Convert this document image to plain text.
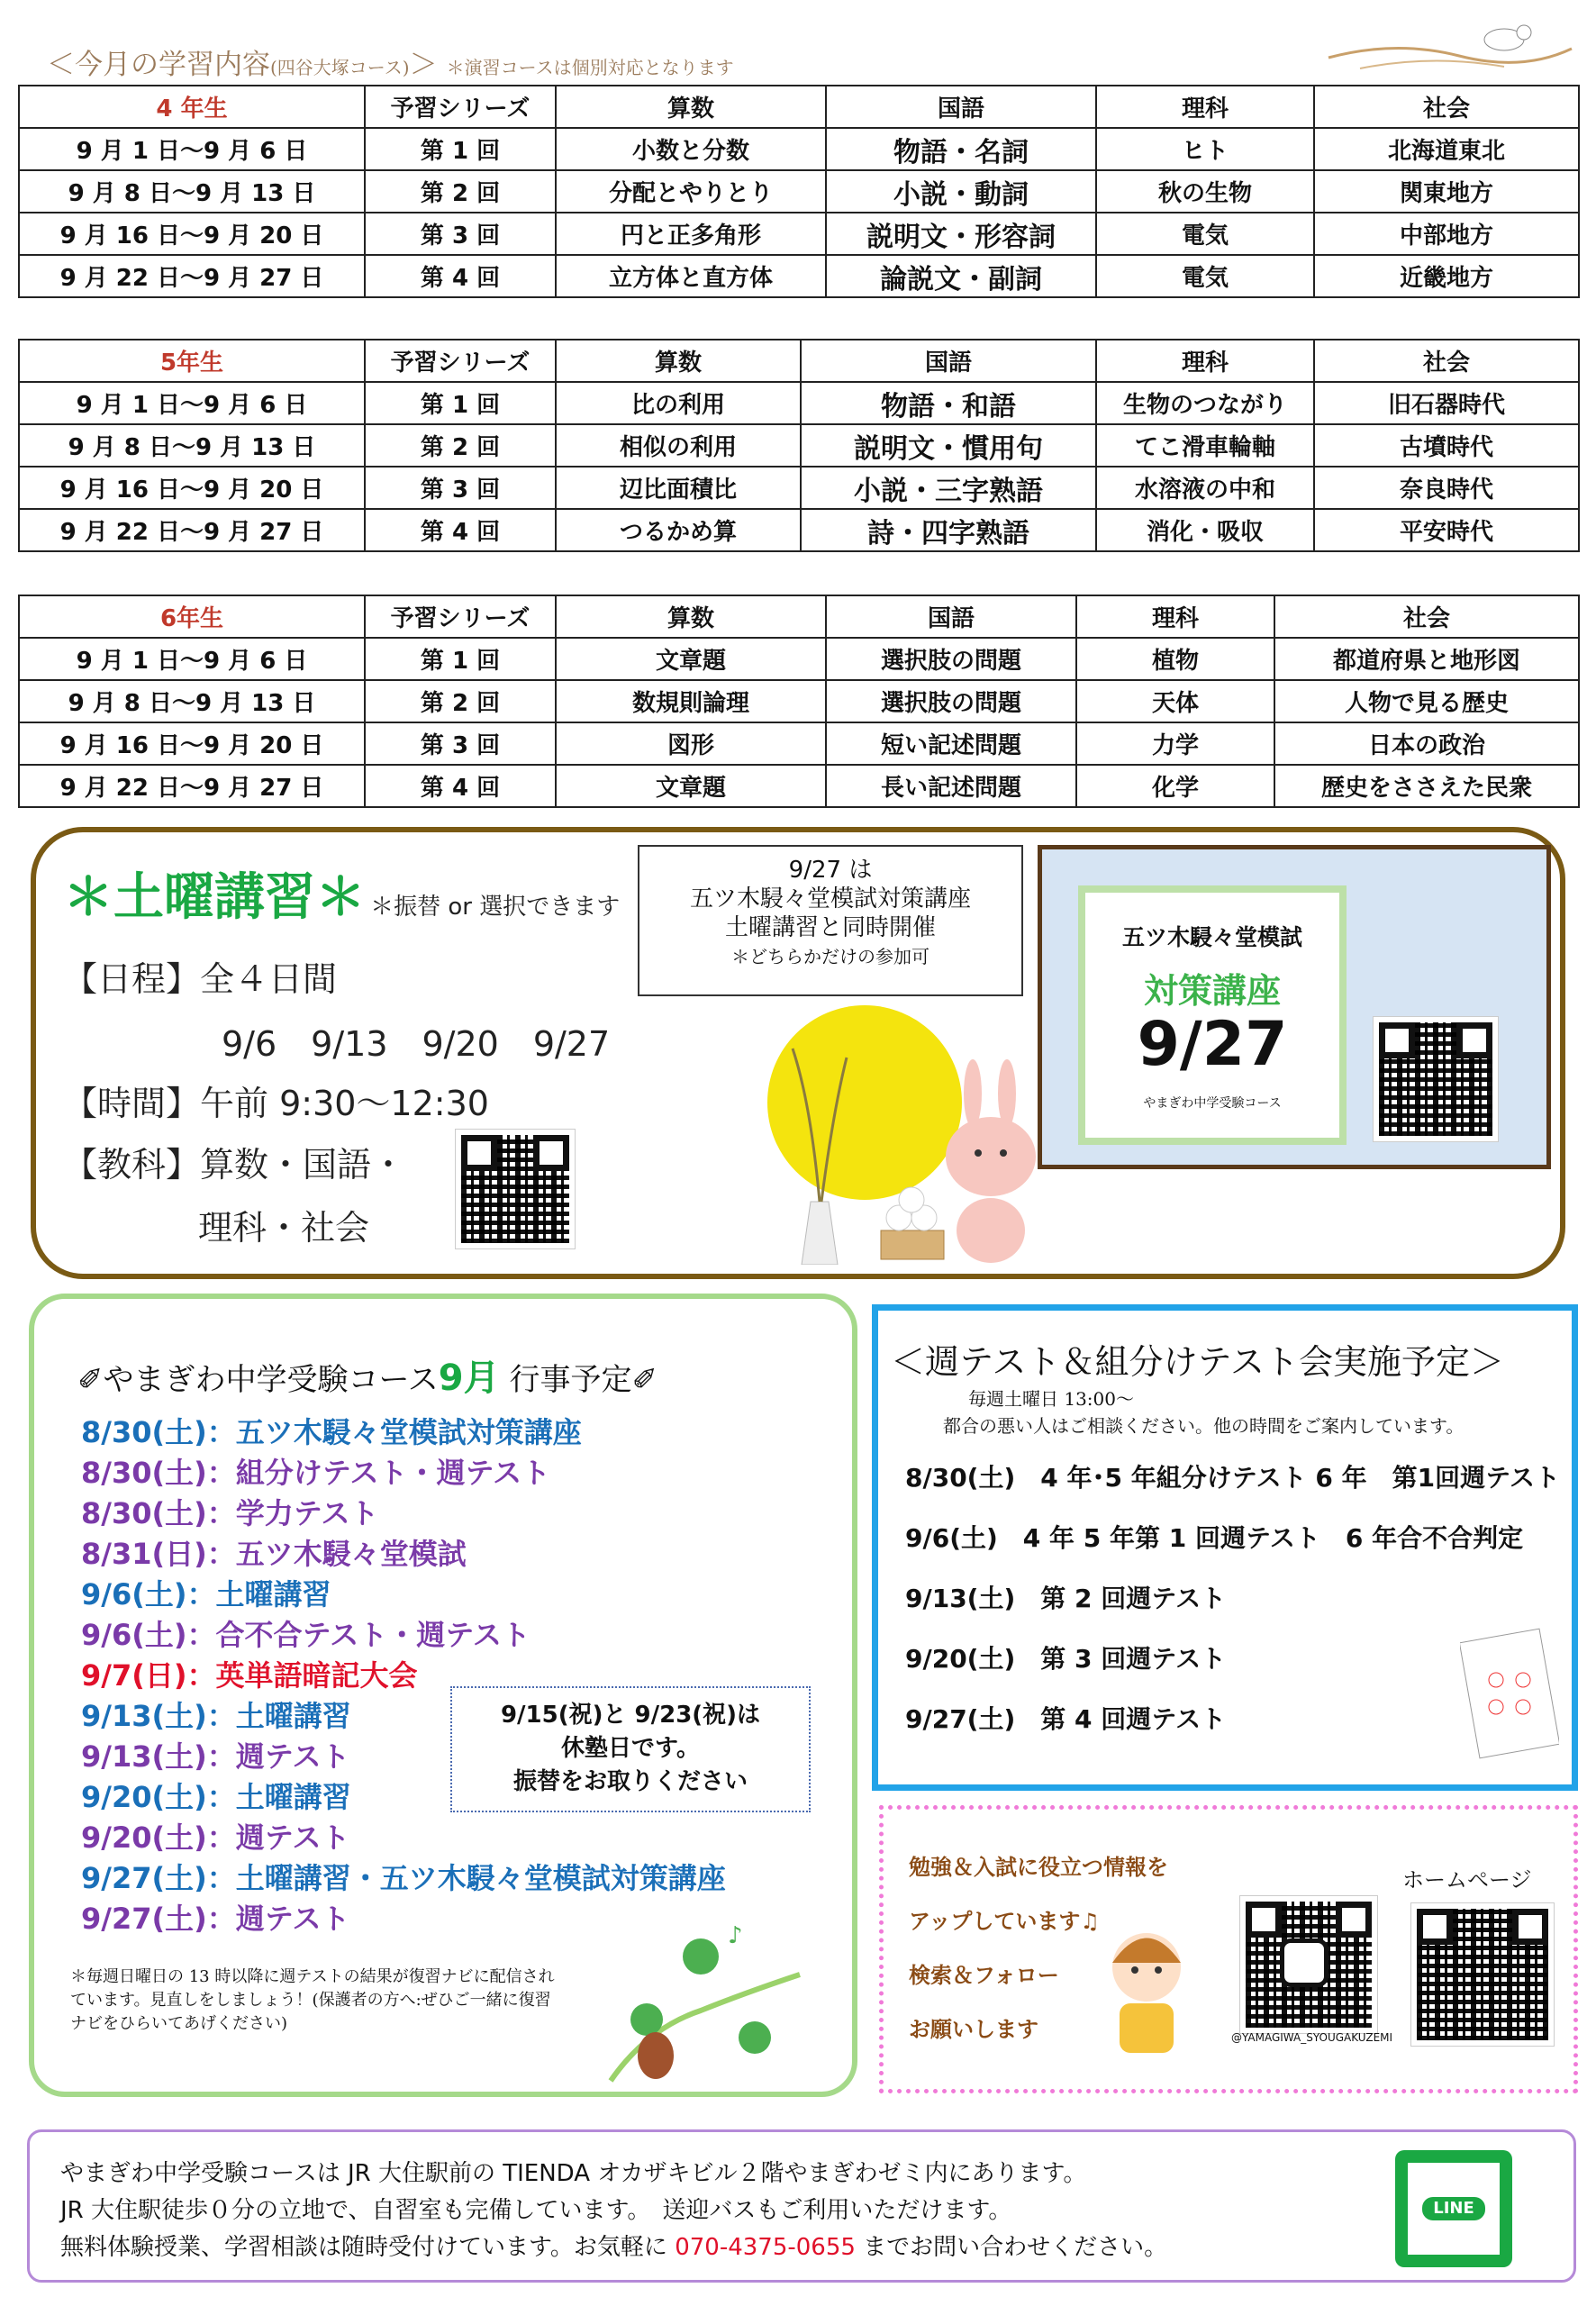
＜今月の学習内容(四谷大塚コース)＞ ＊演習コースは個別対応となります
4 年生	予習シリーズ	算数	国語	理科	社会
9 月 1 日～9 月 6 日	第 1 回	小数と分数	物語・名詞	ヒト	北海道東北
9 月 8 日～9 月 13 日	第 2 回	分配とやりとり	小説・動詞	秋の生物	関東地方
9 月 16 日～9 月 20 日	第 3 回	円と正多角形	説明文・形容詞	電気	中部地方
9 月 22 日～9 月 27 日	第 4 回	立方体と直方体	論説文・副詞	電気	近畿地方
5年生	予習シリーズ	算数	国語	理科	社会
9 月 1 日～9 月 6 日	第 1 回	比の利用	物語・和語	生物のつながり	旧石器時代
9 月 8 日～9 月 13 日	第 2 回	相似の利用	説明文・慣用句	てこ滑車輪軸	古墳時代
9 月 16 日～9 月 20 日	第 3 回	辺比面積比	小説・三字熟語	水溶液の中和	奈良時代
9 月 22 日～9 月 27 日	第 4 回	つるかめ算	詩・四字熟語	消化・吸収	平安時代
6年生	予習シリーズ	算数	国語	理科	社会
9 月 1 日～9 月 6 日	第 1 回	文章題	選択肢の問題	植物	都道府県と地形図
9 月 8 日～9 月 13 日	第 2 回	数規則論理	選択肢の問題	天体	人物で見る歴史
9 月 16 日～9 月 20 日	第 3 回	図形	短い記述問題	力学	日本の政治
9 月 22 日～9 月 27 日	第 4 回	文章題	長い記述問題	化学	歴史をささえた民衆
＊土曜講習＊ ＊振替 or 選択できます
【日程】全４日間
9/6　9/13　9/20　9/27
【時間】午前 9:30～12:30
【教科】算数・国語・
理科・社会
9/27 は
五ツ木駸々堂模試対策講座
土曜講習と同時開催
＊どちらかだけの参加可
五ツ木駸々堂模試
対策講座
9/27
やまぎわ中学受験コース
✐やまぎわ中学受験コース9月 行事予定✐
8/30(土)：五ツ木駸々堂模試対策講座
8/30(土)：組分けテスト・週テスト
8/30(土)：学力テスト
8/31(日)：五ツ木駸々堂模試
9/6(土)：土曜講習
9/6(土)：合不合テスト・週テスト
9/7(日)：英単語暗記大会
9/13(土)：土曜講習
9/13(土)：週テスト
9/20(土)：土曜講習
9/20(土)：週テスト
9/27(土)：土曜講習・五ツ木駸々堂模試対策講座
9/27(土)：週テスト
9/15(祝)と 9/23(祝)は
休塾日です。
振替をお取りください
＊毎週日曜日の 13 時以降に週テストの結果が復習ナビに配信されています。見直しをしましょう！(保護者の方へ:ぜひご一緒に復習ナビをひらいてあげください)
♪
＜週テスト＆組分けテスト会実施予定＞
毎週土曜日 13:00～
都合の悪い人はご相談ください。他の時間をご案内しています。
8/30(土)　4 年･5 年組分けテスト 6 年　第1回週テスト
9/6(土)　4 年 5 年第 1 回週テスト　6 年合不合判定
9/13(土)　第 2 回週テスト
9/20(土)　第 3 回週テスト
9/27(土)　第 4 回週テスト
勉強＆入試に役立つ情報を
アップしています♫
検索＆フォロー
お願いします	@YAMAGIWA_SYOUGAKUZEMI
ホームページ
やまぎわ中学受験コースは JR 大住駅前の TIENDA オカザキビル２階やまぎわゼミ内にあります。
JR 大住駅徒歩０分の立地で、自習室も完備しています。　送迎バスもご利用いただけます。
無料体験授業、学習相談は随時受付けています。お気軽に 070-4375-0655 までお問い合わせください。
LINE
